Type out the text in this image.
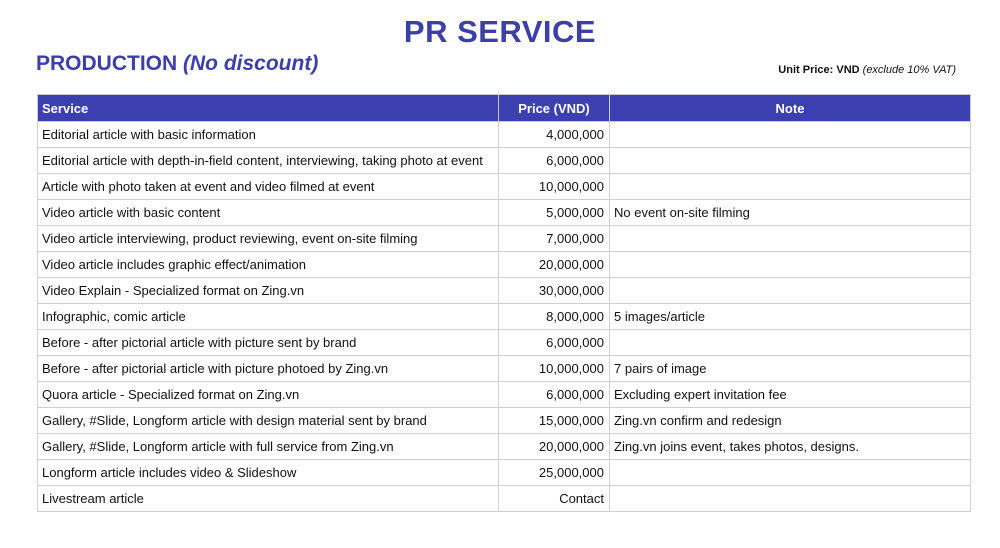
PR SERVICE
PRODUCTION (No discount)	Unit Price: VND (exclude 10% VAT)
Service	Price (VND)	Note
Editorial article with basic information	4,000,000	
Editorial article with depth-in-field content, interviewing, taking photo at event	6,000,000	
Article with photo taken at event and video filmed at event	10,000,000	
Video article with basic content	5,000,000	No event on-site filming
Video article interviewing, product reviewing, event on-site filming	7,000,000	
Video article includes graphic effect/animation	20,000,000	
Video Explain - Specialized format on Zing.vn	30,000,000	
Infographic, comic article	8,000,000	5 images/article
Before - after pictorial article with picture sent by brand	6,000,000	
Before - after pictorial article with picture photoed by Zing.vn	10,000,000	7 pairs of image
Quora article - Specialized format on Zing.vn	6,000,000	Excluding expert invitation fee
Gallery, #Slide, Longform article with design material sent by brand	15,000,000	Zing.vn confirm and redesign
Gallery, #Slide, Longform article with full service from Zing.vn	20,000,000	Zing.vn joins event, takes photos, designs.
Longform article includes video & Slideshow	25,000,000	
Livestream article	Contact	
